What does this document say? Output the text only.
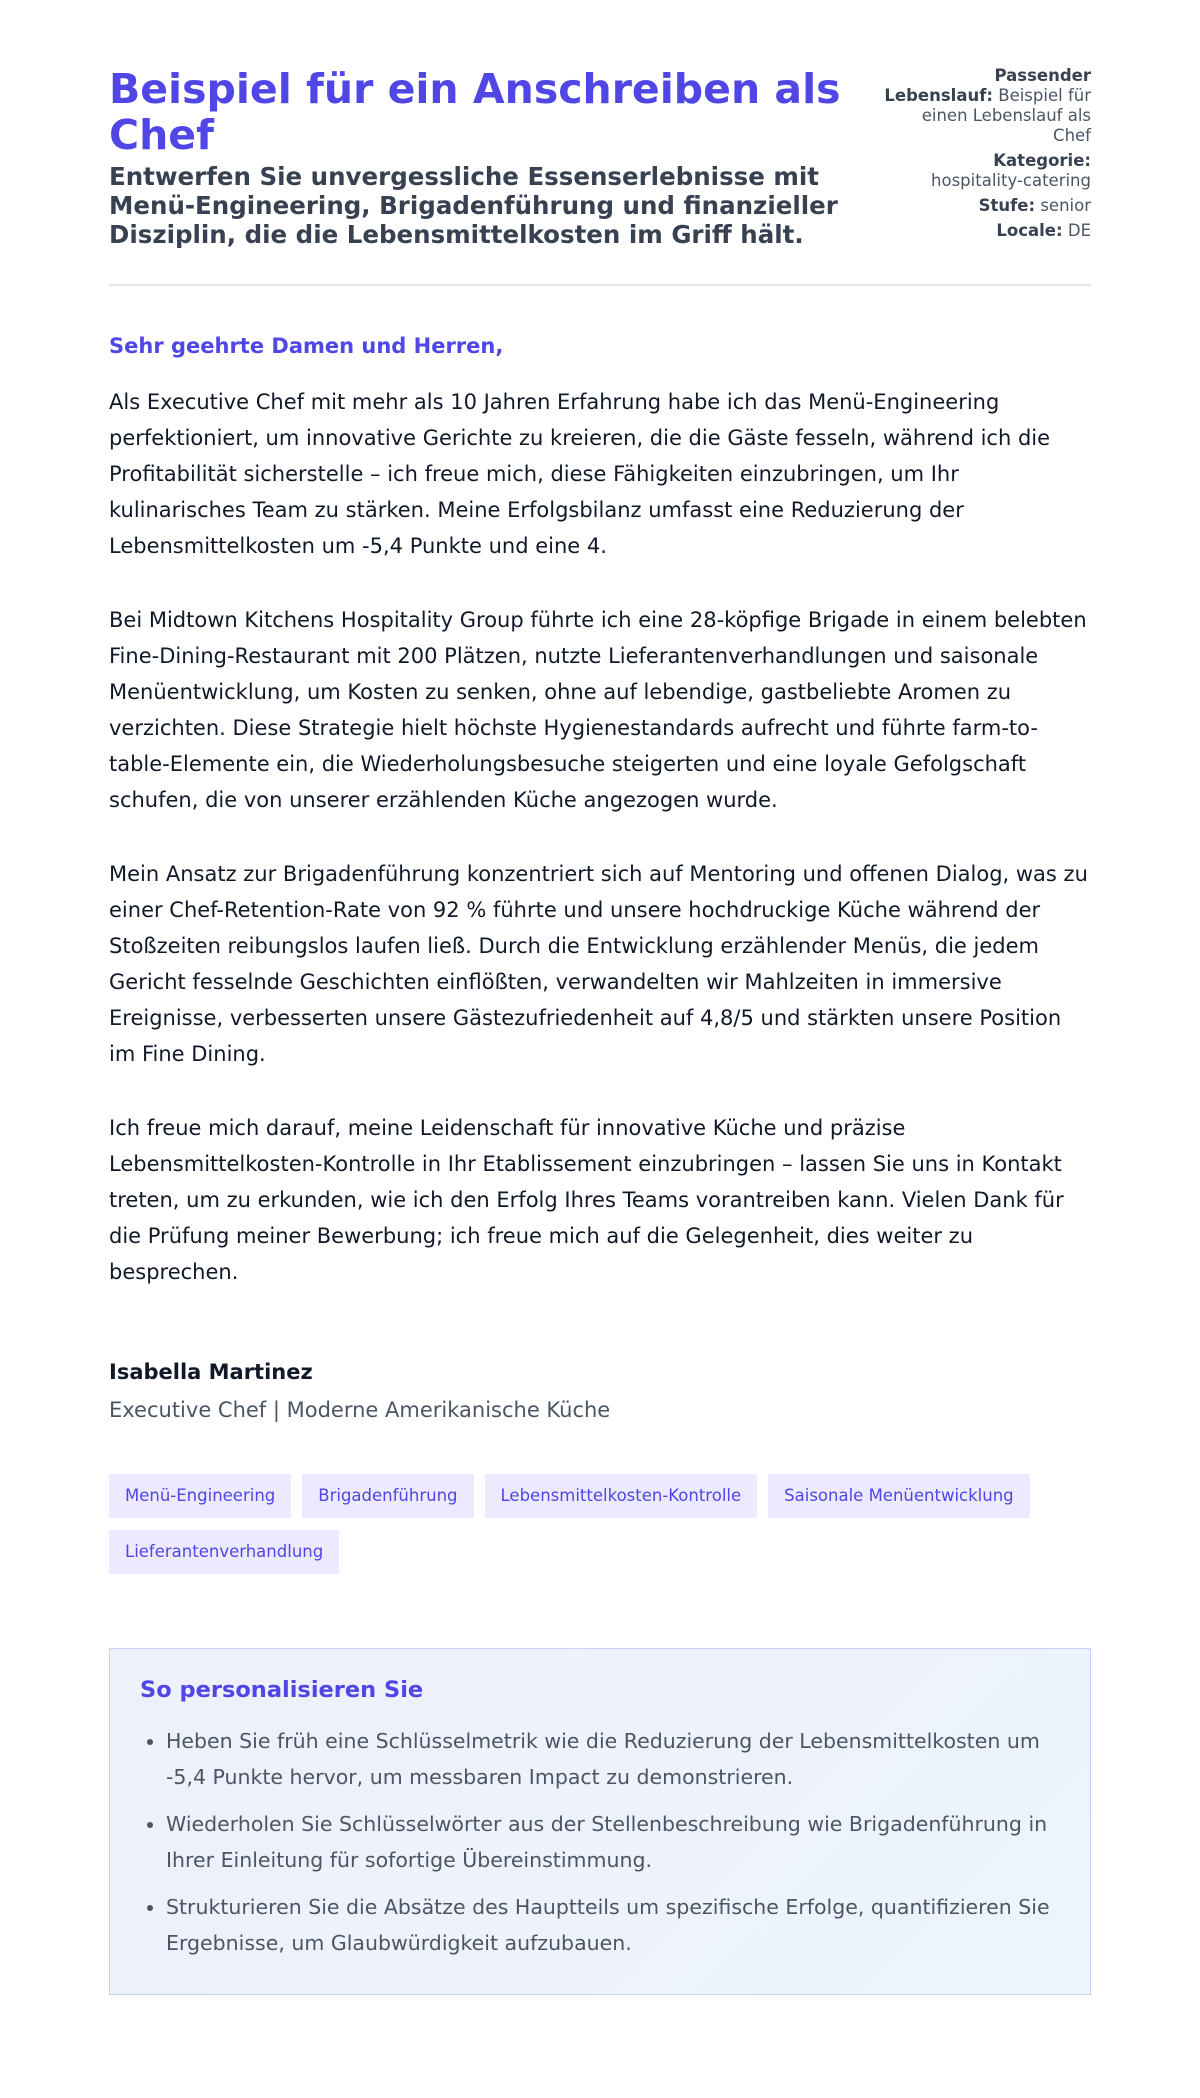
Beispiel für ein Anschreiben als Chef
Entwerfen Sie unvergessliche Essenserlebnisse mit Menü-Engineering, Brigadenführung und finanzieller Disziplin, die die Lebensmittelkosten im Griff hält.
Passender Lebenslauf: Beispiel für einen Lebenslauf als Chef
Kategorie:
hospitality-catering
Stufe: senior
Locale: DE

Sehr geehrte Damen und Herren,

Als Executive Chef mit mehr als 10 Jahren Erfahrung habe ich das Menü-Engineering perfektioniert, um innovative Gerichte zu kreieren, die die Gäste fesseln, während ich die Profitabilität sicherstelle – ich freue mich, diese Fähigkeiten einzubringen, um Ihr kulinarisches Team zu stärken. Meine Erfolgsbilanz umfasst eine Reduzierung der Lebensmittelkosten um -5,4 Punkte und eine 4.

Bei Midtown Kitchens Hospitality Group führte ich eine 28-köpfige Brigade in einem belebten Fine-Dining-Restaurant mit 200 Plätzen, nutzte Lieferantenverhandlungen und saisonale Menüentwicklung, um Kosten zu senken, ohne auf lebendige, gastbeliebte Aromen zu verzichten. Diese Strategie hielt höchste Hygienestandards aufrecht und führte farm-to-table-Elemente ein, die Wiederholungsbesuche steigerten und eine loyale Gefolgschaft schufen, die von unserer erzählenden Küche angezogen wurde.

Mein Ansatz zur Brigadenführung konzentriert sich auf Mentoring und offenen Dialog, was zu einer Chef-Retention-Rate von 92 % führte und unsere hochdruckige Küche während der Stoßzeiten reibungslos laufen ließ. Durch die Entwicklung erzählender Menüs, die jedem Gericht fesselnde Geschichten einflößten, verwandelten wir Mahlzeiten in immersive Ereignisse, verbesserten unsere Gästezufriedenheit auf 4,8/5 und stärkten unsere Position im Fine Dining.

Ich freue mich darauf, meine Leidenschaft für innovative Küche und präzise Lebensmittelkosten-Kontrolle in Ihr Etablissement einzubringen – lassen Sie uns in Kontakt treten, um zu erkunden, wie ich den Erfolg Ihres Teams vorantreiben kann. Vielen Dank für die Prüfung meiner Bewerbung; ich freue mich auf die Gelegenheit, dies weiter zu besprechen.

Isabella Martinez
Executive Chef | Moderne Amerikanische Küche
Menü-Engineering	Brigadenführung	Lebensmittelkosten-Kontrolle	Saisonale Menüentwicklung
Lieferantenverhandlung
So personalisieren Sie
• Heben Sie früh eine Schlüsselmetrik wie die Reduzierung der Lebensmittelkosten um -5,4 Punkte hervor, um messbaren Impact zu demonstrieren.
• Wiederholen Sie Schlüsselwörter aus der Stellenbeschreibung wie Brigadenführung in Ihrer Einleitung für sofortige Übereinstimmung.
• Strukturieren Sie die Absätze des Hauptteils um spezifische Erfolge, quantifizieren Sie Ergebnisse, um Glaubwürdigkeit aufzubauen.
